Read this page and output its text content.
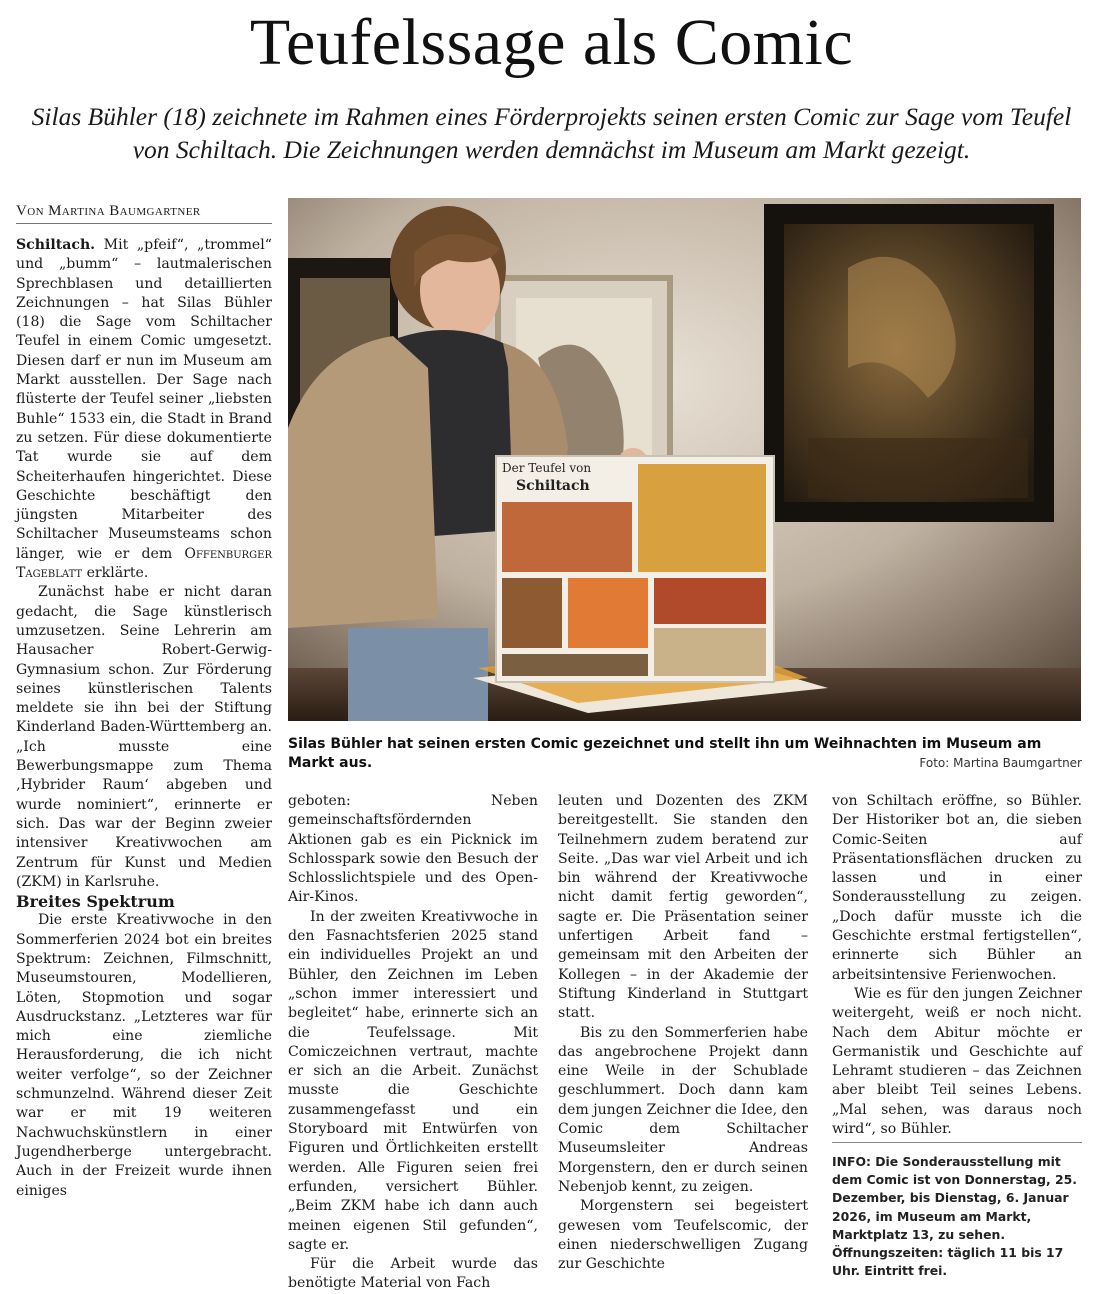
Teufelssage als Comic
Silas Bühler (18) zeichnete im Rahmen eines Förderprojekts seinen ersten Comic zur Sage vom Teufel von Schiltach. Die Zeichnungen werden demnächst im Museum am Markt gezeigt.
Von Martina Baumgartner
Der Teufel von
Schiltach
Silas Bühler hat seinen ersten Comic gezeichnet und stellt ihn um Weihnachten im Museum am Markt aus.	Foto: Martina Baumgartner

Schiltach. Mit „pfeif“, „trommel“ und „bumm“ – lautmalerischen Sprechblasen und detaillierten Zeichnungen – hat Silas Bühler (18) die Sage vom Schiltacher Teufel in einem Comic umgesetzt. Diesen darf er nun im Museum am Markt ausstellen. Der Sage nach flüsterte der Teufel seiner „liebsten Buhle“ 1533 ein, die Stadt in Brand zu setzen. Für diese dokumentierte Tat wurde sie auf dem Scheiterhaufen hingerichtet. Diese Geschichte beschäftigt den jüngsten Mitarbeiter des Schiltacher Museumsteams schon länger, wie er dem Offenburger Tageblatt erklärte.

Zunächst habe er nicht daran gedacht, die Sage künstlerisch umzusetzen. Seine Lehrerin am Hausacher Robert-Gerwig-Gymnasium schon. Zur Förderung seines künstlerischen Talents meldete sie ihn bei der Stiftung Kinderland Baden-Württemberg an. „Ich musste eine Bewerbungsmappe zum Thema ‚Hybrider Raum‘ abgeben und wurde nominiert“, erinnerte er sich. Das war der Beginn zweier intensiver Kreativwochen am Zentrum für Kunst und Medien (ZKM) in Karlsruhe.

Breites Spektrum

Die erste Kreativwoche in den Sommerferien 2024 bot ein breites Spektrum: Zeichnen, Filmschnitt, Museumstouren, Modellieren, Löten, Stopmotion und sogar Ausdruckstanz. „Letzteres war für mich eine ziemliche Herausforderung, die ich nicht weiter verfolge“, so der Zeichner schmunzelnd. Während dieser Zeit war er mit 19 weiteren Nachwuchskünstlern in einer Jugendherberge untergebracht. Auch in der Freizeit wurde ihnen einiges

geboten: Neben gemeinschaftsfördernden Aktionen gab es ein Picknick im Schlosspark sowie den Besuch der Schlosslichtspiele und des Open-Air-Kinos.

In der zweiten Kreativwoche in den Fasnachtsferien 2025 stand ein individuelles Projekt an und Bühler, den Zeichnen im Leben „schon immer interessiert und begleitet“ habe, erinnerte sich an die Teufelssage. Mit Comiczeichnen vertraut, machte er sich an die Arbeit. Zunächst musste die Geschichte zusammengefasst und ein Storyboard mit Entwürfen von Figuren und Örtlichkeiten erstellt werden. Alle Figuren seien frei erfunden, versichert Bühler. „Beim ZKM habe ich dann auch meinen eigenen Stil gefunden“, sagte er.

Für die Arbeit wurde das benötigte Material von Fach

leuten und Dozenten des ZKM bereitgestellt. Sie standen den Teilnehmern zudem beratend zur Seite. „Das war viel Arbeit und ich bin während der Kreativwoche nicht damit fertig geworden“, sagte er. Die Präsentation seiner unfertigen Arbeit fand – gemeinsam mit den Arbeiten der Kollegen – in der Akademie der Stiftung Kinderland in Stuttgart statt.

Bis zu den Sommerferien habe das angebrochene Projekt dann eine Weile in der Schublade geschlummert. Doch dann kam dem jungen Zeichner die Idee, den Comic dem Schiltacher Museumsleiter Andreas Morgenstern, den er durch seinen Nebenjob kennt, zu zeigen.

Morgenstern sei begeistert gewesen vom Teufelscomic, der einen niederschwelligen Zugang zur Geschichte

von Schiltach eröffne, so Bühler. Der Historiker bot an, die sieben Comic-Seiten auf Präsentationsflächen drucken zu lassen und in einer Sonderausstellung zu zeigen. „Doch dafür musste ich die Geschichte erstmal fertigstellen“, erinnerte sich Bühler an arbeitsintensive Ferienwochen.

Wie es für den jungen Zeichner weitergeht, weiß er noch nicht. Nach dem Abitur möchte er Germanistik und Geschichte auf Lehramt studieren – das Zeichnen aber bleibt Teil seines Lebens. „Mal sehen, was daraus noch wird“, so Bühler.

INFO: Die Sonderausstellung mit dem Comic ist von Donnerstag, 25. Dezember, bis Dienstag, 6. Januar 2026, im Museum am Markt, Marktplatz 13, zu sehen. Öffnungszeiten: täglich 11 bis 17 Uhr. Eintritt frei.
